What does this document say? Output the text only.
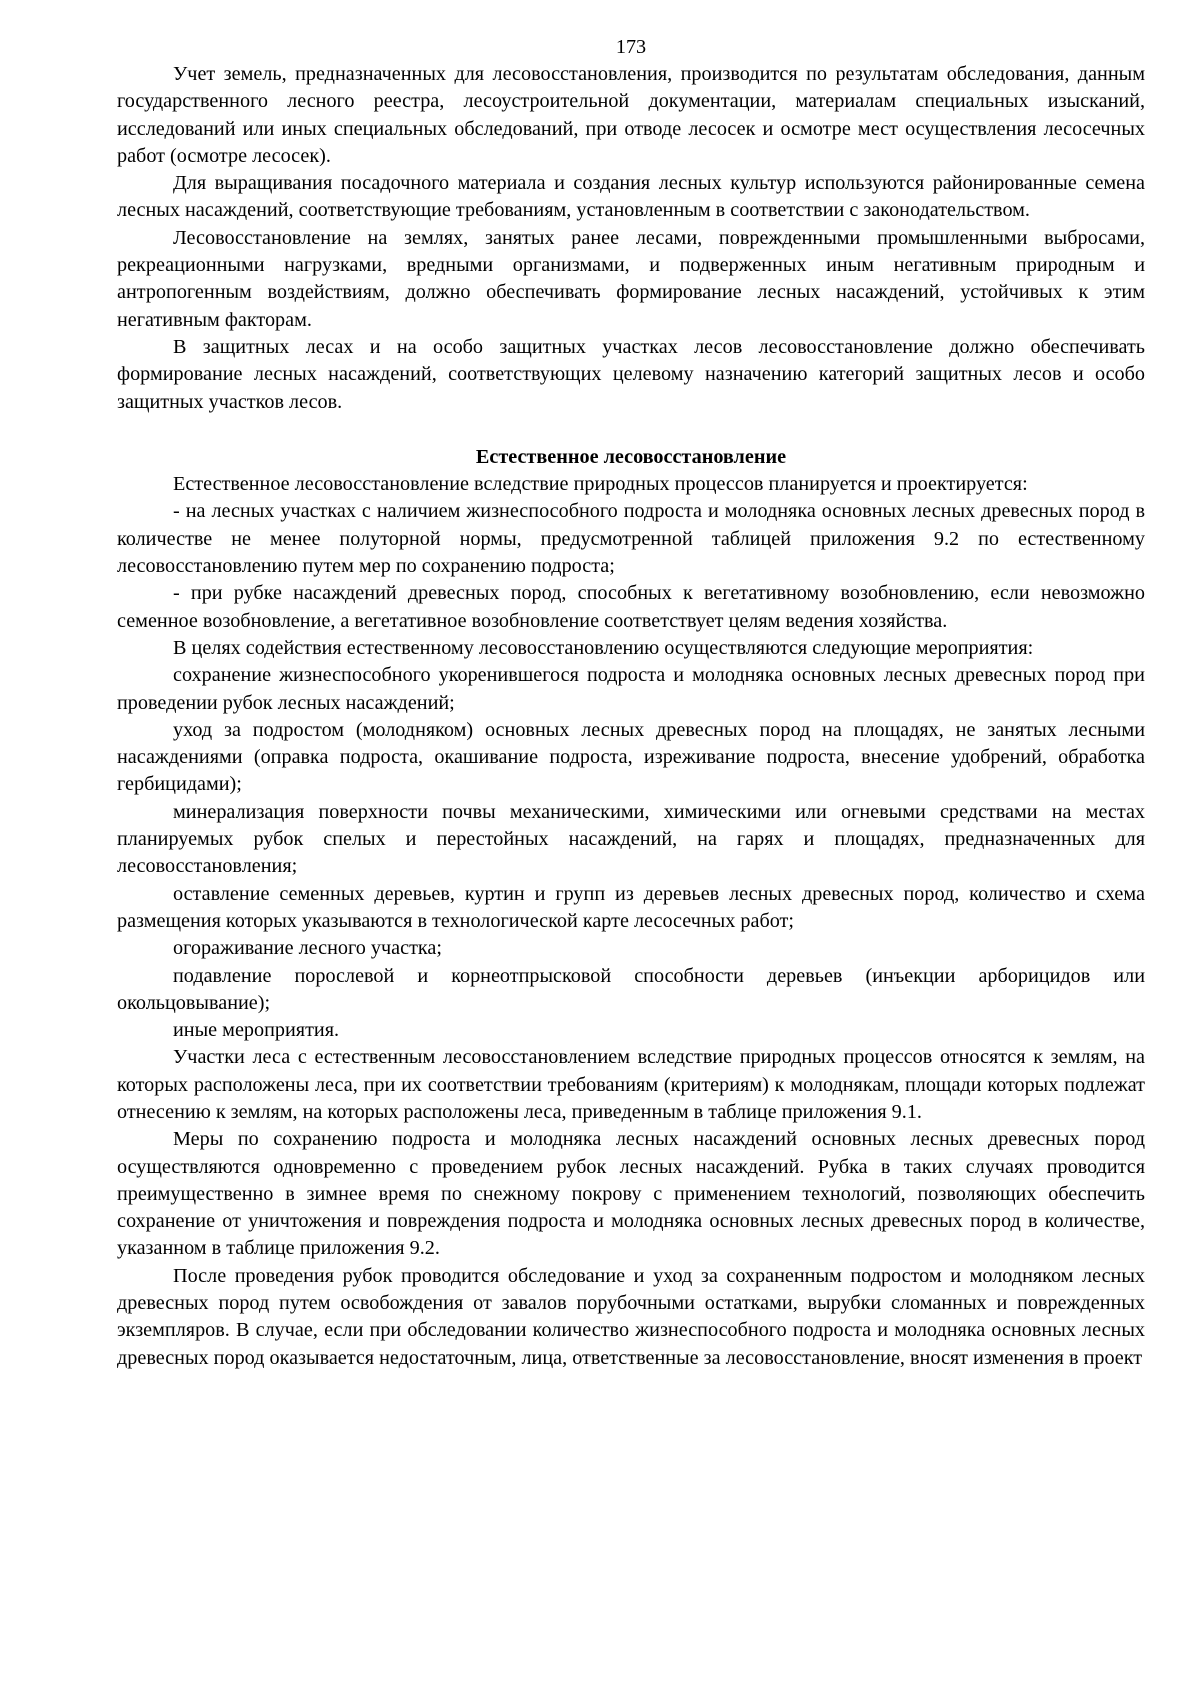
173

Учет земель, предназначенных для лесовосстановления, производится по результатам обследования, данным государственного лесного реестра, лесоустроительной документации, материалам специальных изысканий, исследований или иных специальных обследований, при отводе лесосек и осмотре мест осуществления лесосечных работ (осмотре лесосек).

Для выращивания посадочного материала и создания лесных культур используются районированные семена лесных насаждений, соответствующие требованиям, установленным в соответствии с законодательством.

Лесовосстановление на землях, занятых ранее лесами, поврежденными промышленными выбросами, рекреационными нагрузками, вредными организмами, и подверженных иным негативным природным и антропогенным воздействиям, должно обеспечивать формирование лесных насаждений, устойчивых к этим негативным факторам.

В защитных лесах и на особо защитных участках лесов лесовосстановление должно обеспечивать формирование лесных насаждений, соответствующих целевому назначению категорий защитных лесов и особо защитных участков лесов.

Естественное лесовосстановление

Естественное лесовосстановление вследствие природных процессов планируется и проектируется:

- на лесных участках с наличием жизнеспособного подроста и молодняка основных лесных древесных пород в количестве не менее полуторной нормы, предусмотренной таблицей приложения 9.2 по естественному лесовосстановлению путем мер по сохранению подроста;

- при рубке насаждений древесных пород, способных к вегетативному возобновлению, если невозможно семенное возобновление, а вегетативное возобновление соответствует целям ведения хозяйства.

В целях содействия естественному лесовосстановлению осуществляются следующие мероприятия:

сохранение жизнеспособного укоренившегося подроста и молодняка основных лесных древесных пород при проведении рубок лесных насаждений;

уход за подростом (молодняком) основных лесных древесных пород на площадях, не занятых лесными насаждениями (оправка подроста, окашивание подроста, изреживание подроста, внесение удобрений, обработка гербицидами);

минерализация поверхности почвы механическими, химическими или огневыми средствами на местах планируемых рубок спелых и перестойных насаждений, на гарях и площадях, предназначенных для лесовосстановления;

оставление семенных деревьев, куртин и групп из деревьев лесных древесных пород, количество и схема размещения которых указываются в технологической карте лесосечных работ;

огораживание лесного участка;

подавление порослевой и корнеотпрысковой способности деревьев (инъекции арборицидов или окольцовывание);

иные мероприятия.

Участки леса с естественным лесовосстановлением вследствие природных процессов относятся к землям, на которых расположены леса, при их соответствии требованиям (критериям) к молоднякам, площади которых подлежат отнесению к землям, на которых расположены леса, приведенным в таблице приложения 9.1.

Меры по сохранению подроста и молодняка лесных насаждений основных лесных древесных пород осуществляются одновременно с проведением рубок лесных насаждений. Рубка в таких случаях проводится преимущественно в зимнее время по снежному покрову с применением технологий, позволяющих обеспечить сохранение от уничтожения и повреждения подроста и молодняка основных лесных древесных пород в количестве, указанном в таблице приложения 9.2.

После проведения рубок проводится обследование и уход за сохраненным подростом и молодняком лесных древесных пород путем освобождения от завалов порубочными остатками, вырубки сломанных и поврежденных экземпляров. В случае, если при обследовании количество жизнеспособного подроста и молодняка основных лесных древесных пород оказывается недостаточным, лица, ответственные за лесовосстановление, вносят изменения в проект
